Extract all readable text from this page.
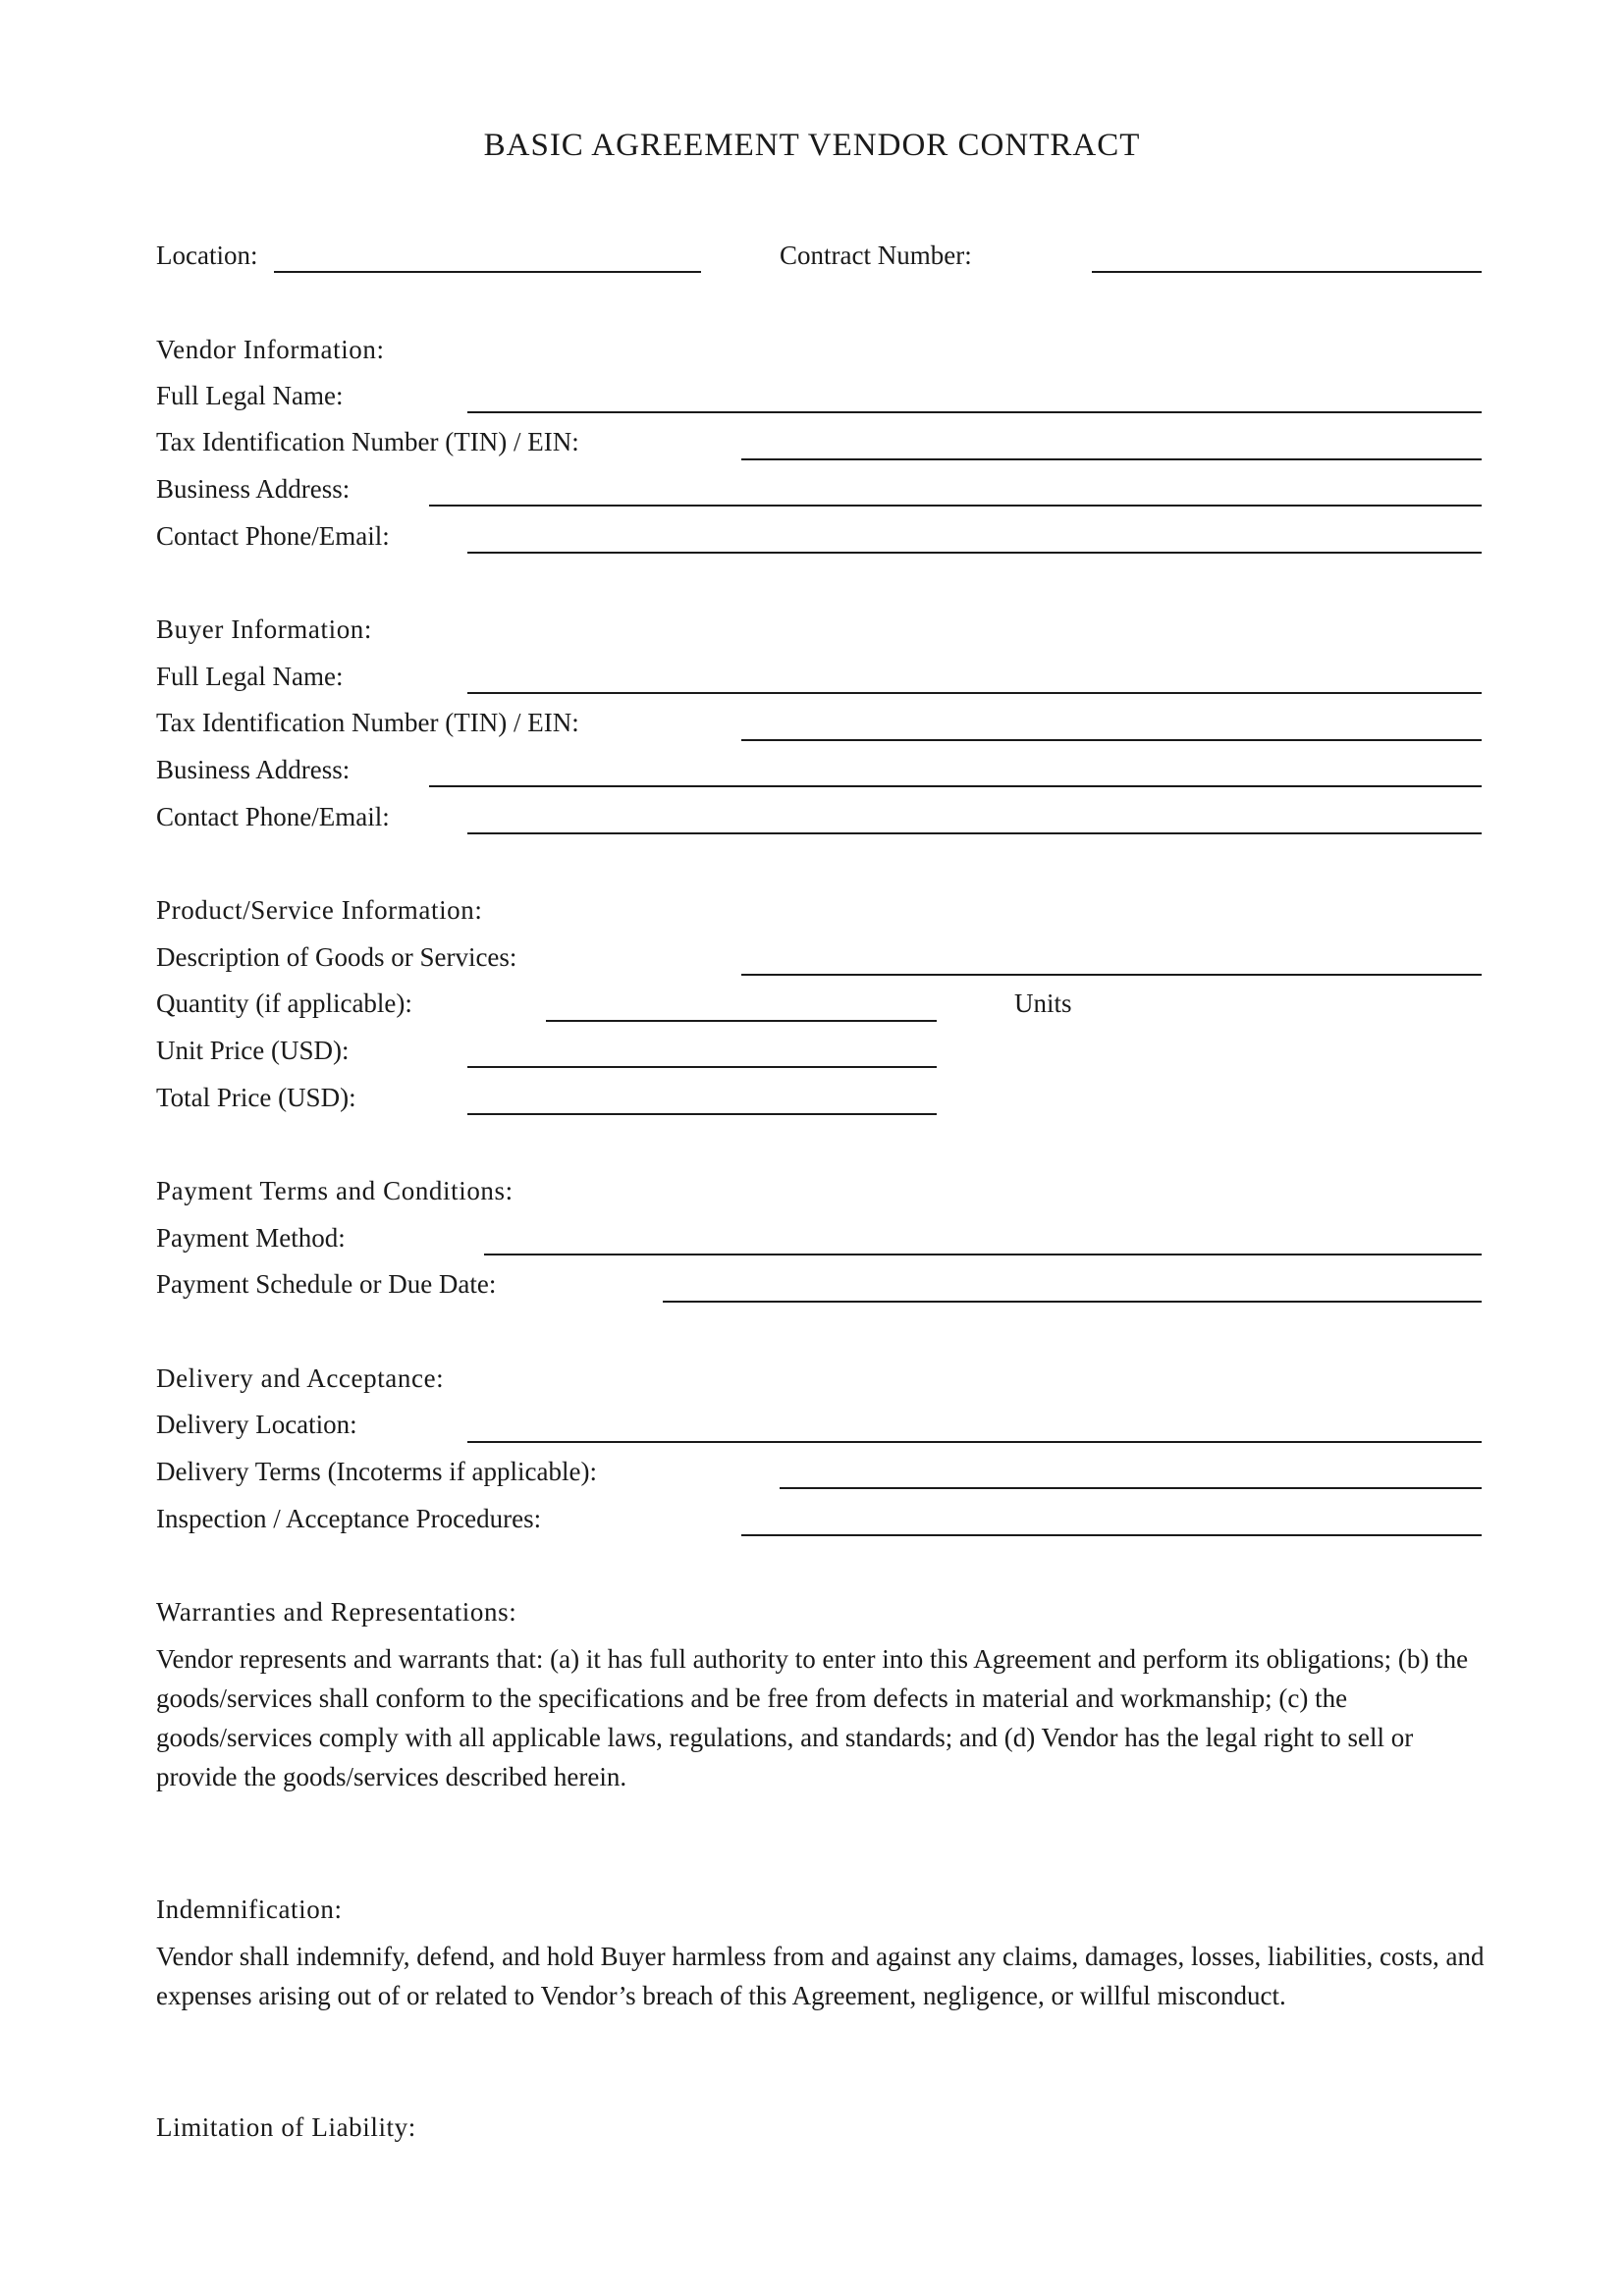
BASIC AGREEMENT VENDOR CONTRACT
Location:	Contract Number:
Vendor Information:
Full Legal Name:
Tax Identification Number (TIN) / EIN:
Business Address:
Contact Phone/Email:
Buyer Information:
Full Legal Name:
Tax Identification Number (TIN) / EIN:
Business Address:
Contact Phone/Email:
Product/Service Information:
Description of Goods or Services:
Quantity (if applicable):	Units
Unit Price (USD):
Total Price (USD):
Payment Terms and Conditions:
Payment Method:
Payment Schedule or Due Date:
Delivery and Acceptance:
Delivery Location:
Delivery Terms (Incoterms if applicable):
Inspection / Acceptance Procedures:
Warranties and Representations:
Vendor represents and warrants that: (a) it has full authority to enter into this Agreement and perform its obligations; (b) the goods/services shall conform to the specifications and be free from defects in material and workmanship; (c) the goods/services comply with all applicable laws, regulations, and standards; and (d) Vendor has the legal right to sell or provide the goods/services described herein.
Indemnification:
Vendor shall indemnify, defend, and hold Buyer harmless from and against any claims, damages, losses, liabilities, costs, and expenses arising out of or related to Vendor’s breach of this Agreement, negligence, or willful misconduct.
Limitation of Liability:
